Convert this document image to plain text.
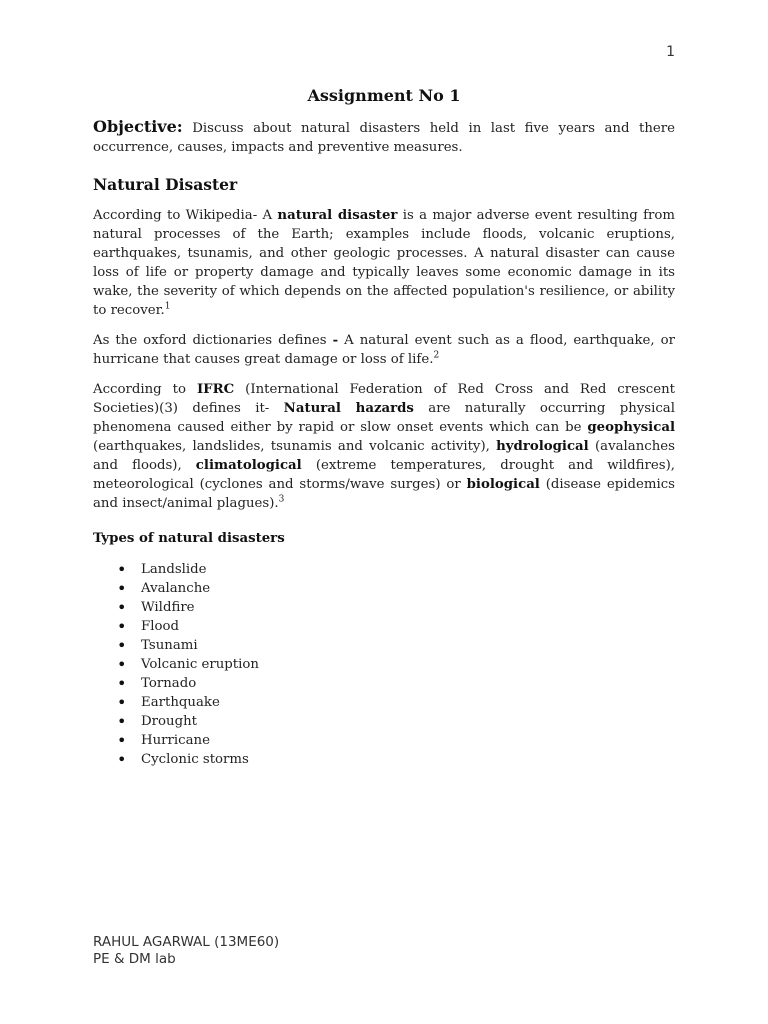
1
Assignment No 1

Objective: Discuss about natural disasters held in last five years and there occurrence, causes, impacts and preventive measures.

Natural Disaster

According to Wikipedia- A natural disaster is a major adverse event resulting from natural processes of the Earth; examples include floods, volcanic eruptions, earthquakes, tsunamis, and other geologic processes. A natural disaster can cause loss of life or property damage and typically leaves some economic damage in its wake, the severity of which depends on the affected population's resilience, or ability to recover.$^1$

As the oxford dictionaries defines - A natural event such as a flood, earthquake, or hurricane that causes great damage or loss of life.$^2$

According to IFRC (International Federation of Red Cross and Red crescent Societies)(3) defines it- Natural hazards are naturally occurring physical phenomena caused either by rapid or slow onset events which can be geophysical (earthquakes, landslides, tsunamis and volcanic activity), hydrological (avalanches and floods), climatological (extreme temperatures, drought and wildfires), meteorological (cyclones and storms/wave surges) or biological (disease epidemics and insect/animal plagues).$^3$

Types of natural disasters
• Landslide
• Avalanche
• Wildfire
• Flood
• Tsunami
• Volcanic eruption
• Tornado
• Earthquake
• Drought
• Hurricane
• Cyclonic storms
RAHUL AGARWAL (13ME60)
PE & DM lab
